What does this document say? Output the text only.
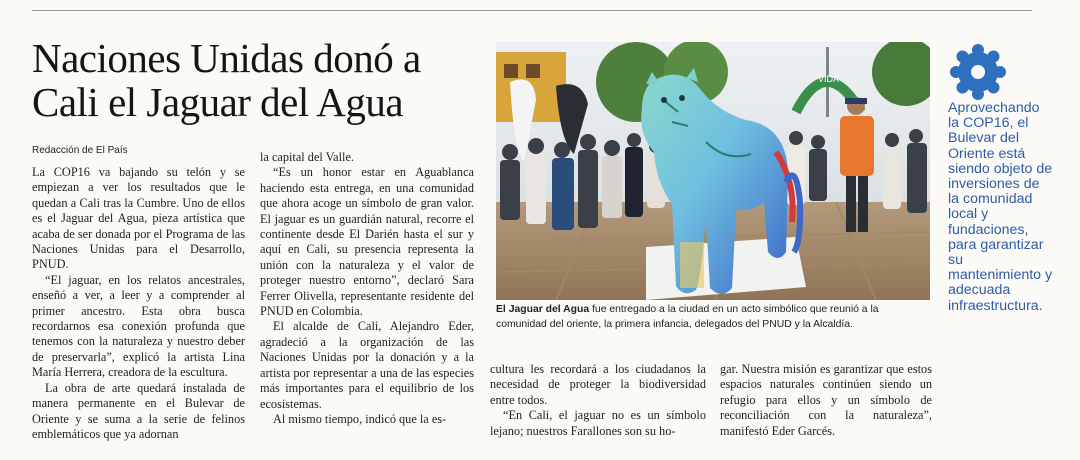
Naciones Unidas donó a Cali el Jaguar del Agua
Redacción de El País

La COP16 va bajando su telón y se empiezan a ver los resultados que le quedan a Cali tras la Cumbre. Uno de ellos es el Jaguar del Agua, pieza artística que acaba de ser donada por el Programa de las Naciones Unidas para el Desarrollo, PNUD.

“El jaguar, en los relatos ancestrales, enseñó a ver, a leer y a comprender al primer ancestro. Esta obra busca recordarnos esa conexión profunda que tenemos con la naturaleza y nuestro deber de preservarla”, explicó la artista Lina María Herrera, creadora de la escultura.

La obra de arte quedará instalada de manera permanente en el Bulevar de Oriente y se suma a la serie de felinos emblemáticos que ya adornan

la capital del Valle.

“Es un honor estar en Aguablanca haciendo esta entrega, en una comunidad que ahora acoge un símbolo de gran valor. El jaguar es un guardián natural, recorre el continente desde El Darién hasta el sur y aquí en Cali, su presencia representa la unión con la naturaleza y el valor de proteger nuestro entorno”, declaró Sara Ferrer Olivella, representante residente del PNUD en Colombia.

El alcalde de Cali, Alejandro Eder, agradeció a la organización de las Naciones Unidas por la donación y a la artista por representar a una de las especies más importantes para el equilibrio de los ecosistemas.

Al mismo tiempo, indicó que la es-

VIDA
El Jaguar del Agua fue entregado a la ciudad en un acto simbólico que reunió a la comunidad del oriente, la primera infancia, delegados del PNUD y la Alcaldía.

cultura les recordará a los ciudadanos la necesidad de proteger la biodiversidad entre todos.

“En Cali, el jaguar no es un símbolo lejano; nuestros Farallones son su ho-

gar. Nuestra misión es garantizar que estos espacios naturales continúen siendo un refugio para ellos y un símbolo de reconciliación con la naturaleza”, manifestó Eder Garcés.

Aprovechando la COP16, el Bulevar del Oriente está siendo objeto de inversiones de la comunidad local y fundaciones, para garantizar su mantenimiento y adecuada infraestructura.
